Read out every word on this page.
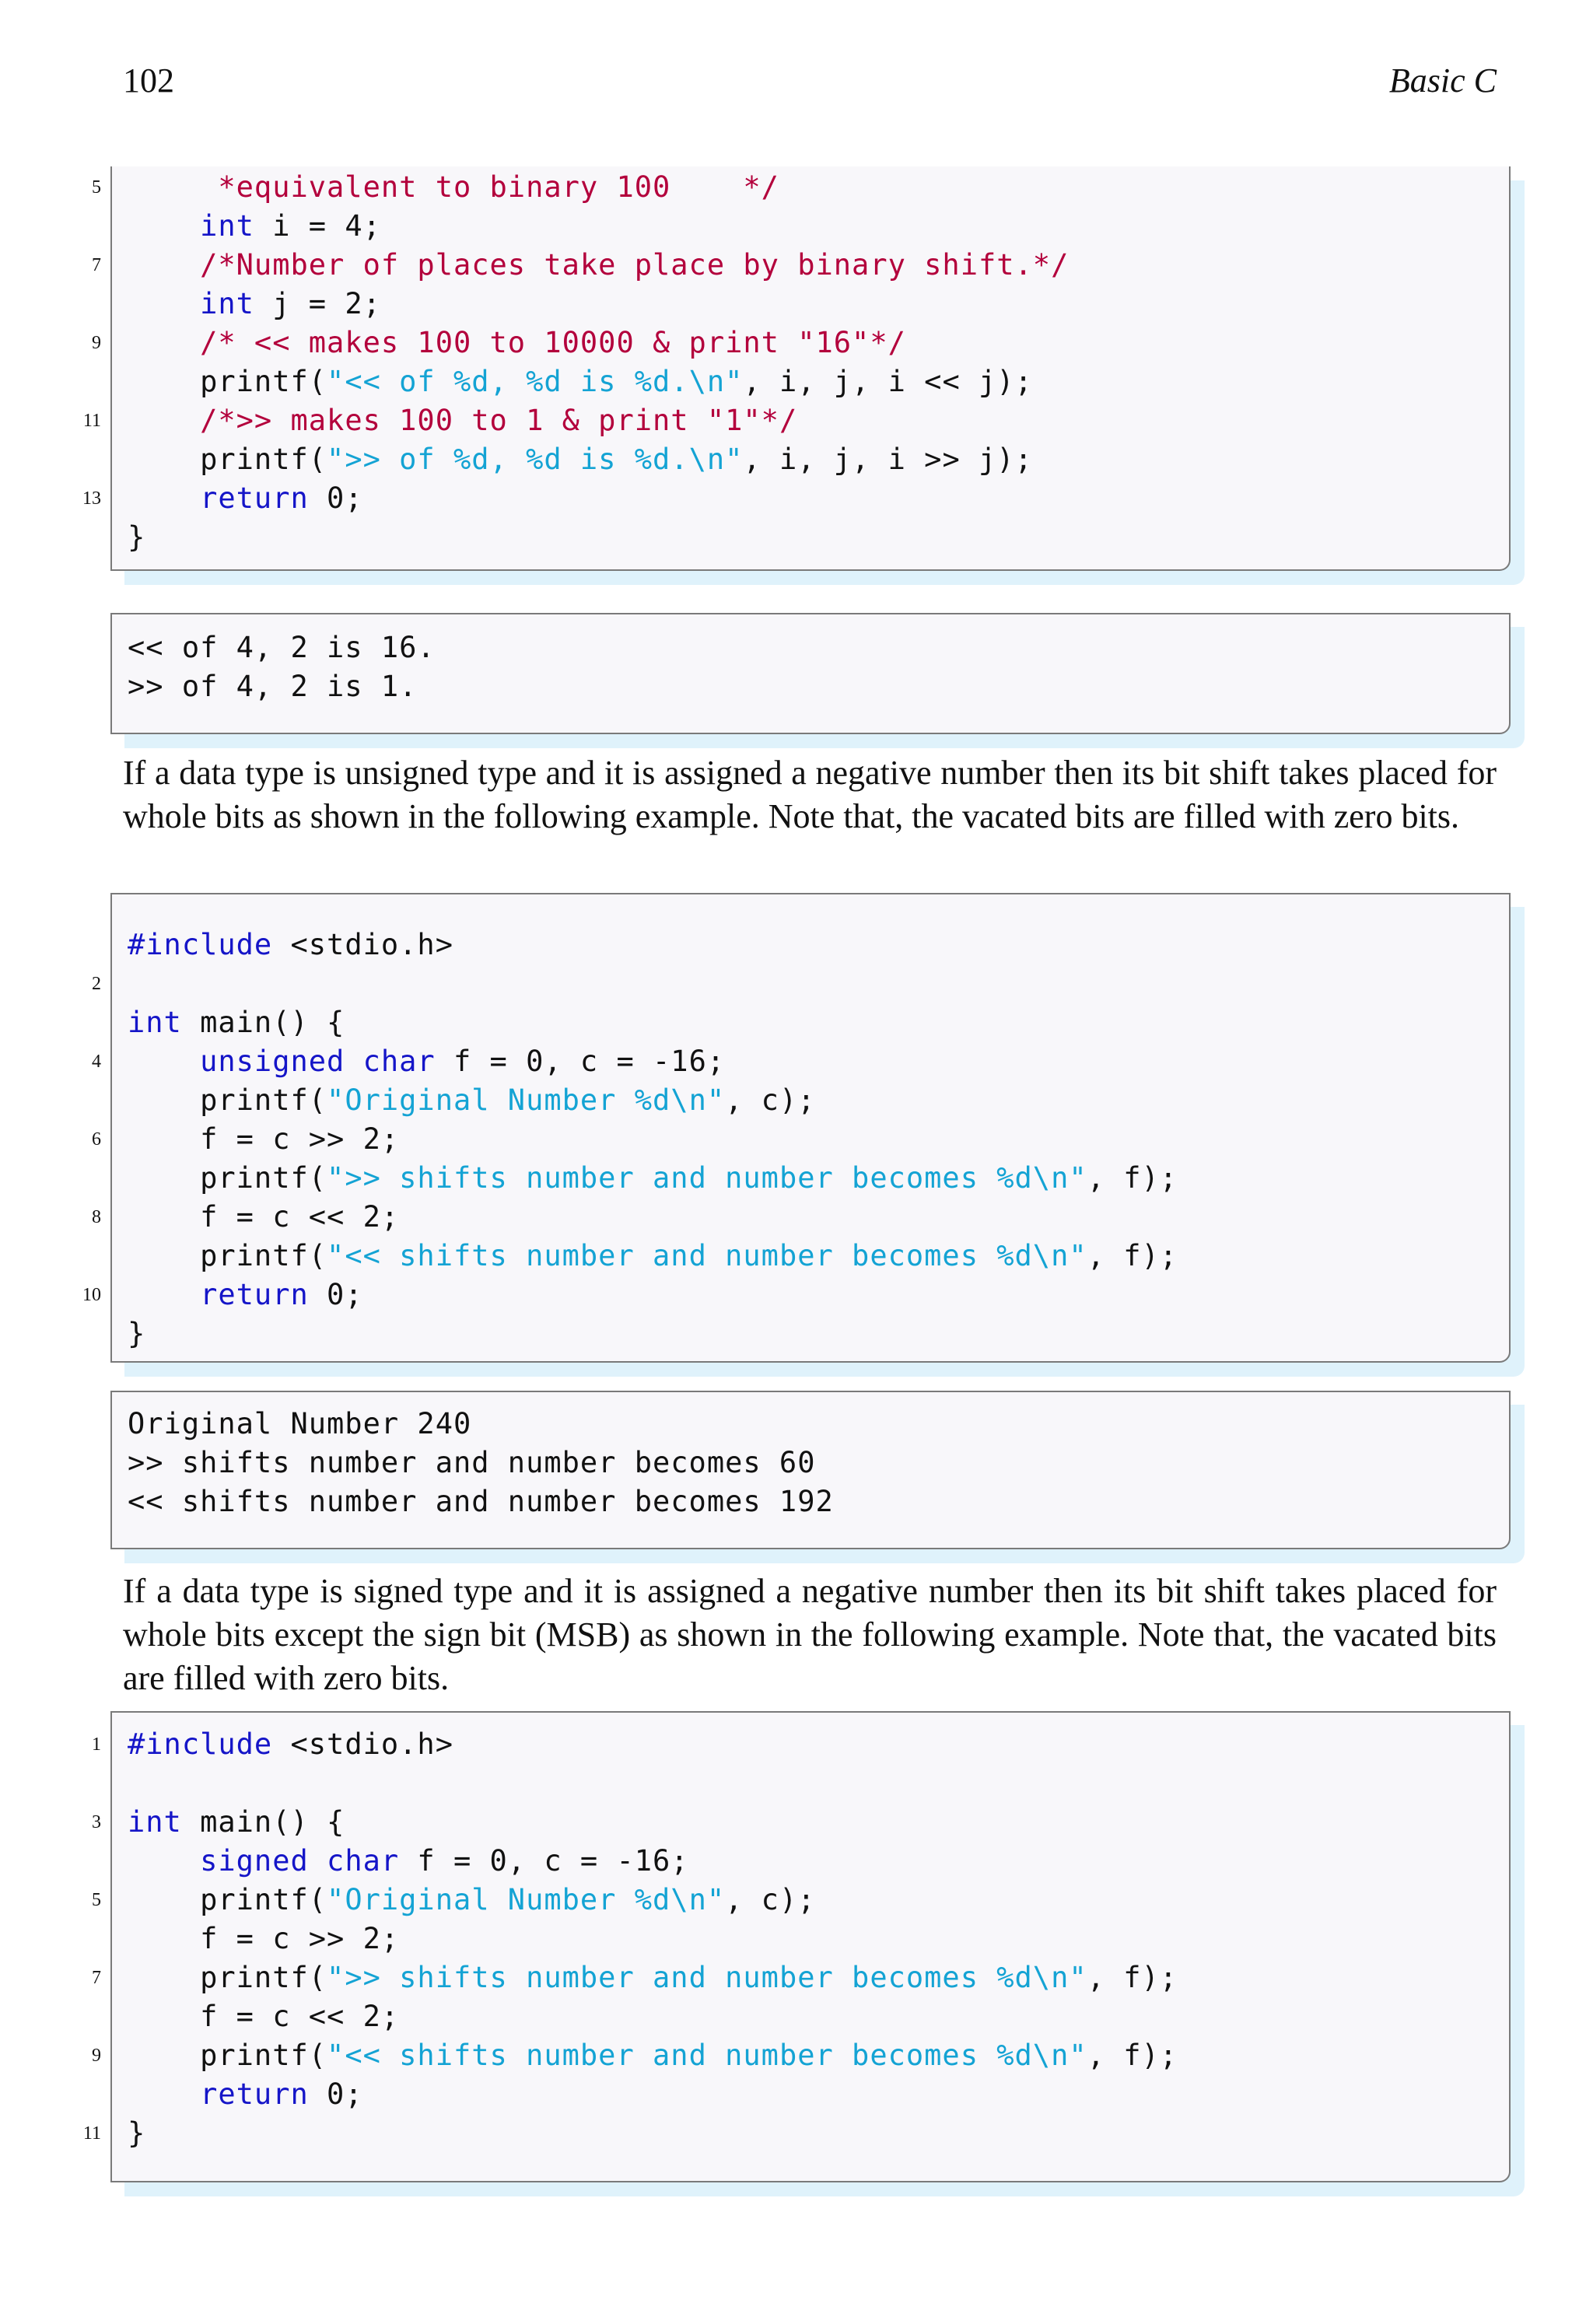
102	Basic C
5 *equivalent to binary 100    */
int i = 4;
7	/*Number of places take place by binary shift.*/
int j = 2;
9	/* << makes 100 to 10000 & print "16"*/
printf("<< of %d, %d is %d.\n", i, j, i << j);
11	/*>> makes 100 to 1 & print "1"*/
printf(">> of %d, %d is %d.\n", i, j, i >> j);
13	return 0;
}
<< of 4, 2 is 16.
>> of 4, 2 is 1.

If a data type is unsigned type and it is assigned a negative number then its bit shift takes placed for whole bits as shown in the following example. Note that, the vacated bits are filled with zero bits.

#include <stdio.h>
2
int main() {
4	unsigned char f = 0, c = -16;
printf("Original Number %d\n", c);
6 f = c >> 2;
printf(">> shifts number and number becomes %d\n", f);
8 f = c << 2;
printf("<< shifts number and number becomes %d\n", f);
10	return 0;
}
Original Number 240
>> shifts number and number becomes 60
<< shifts number and number becomes 192

If a data type is signed type and it is assigned a negative number then its bit shift takes placed for whole bits except the sign bit (MSB) as shown in the following example. Note that, the vacated bits are filled with zero bits.

1 #include <stdio.h>
3 int main() {
signed char f = 0, c = -16;
5 printf("Original Number %d\n", c);
f = c >> 2;
7 printf(">> shifts number and number becomes %d\n", f);
f = c << 2;
9 printf("<< shifts number and number becomes %d\n", f);
return 0;
11 }
